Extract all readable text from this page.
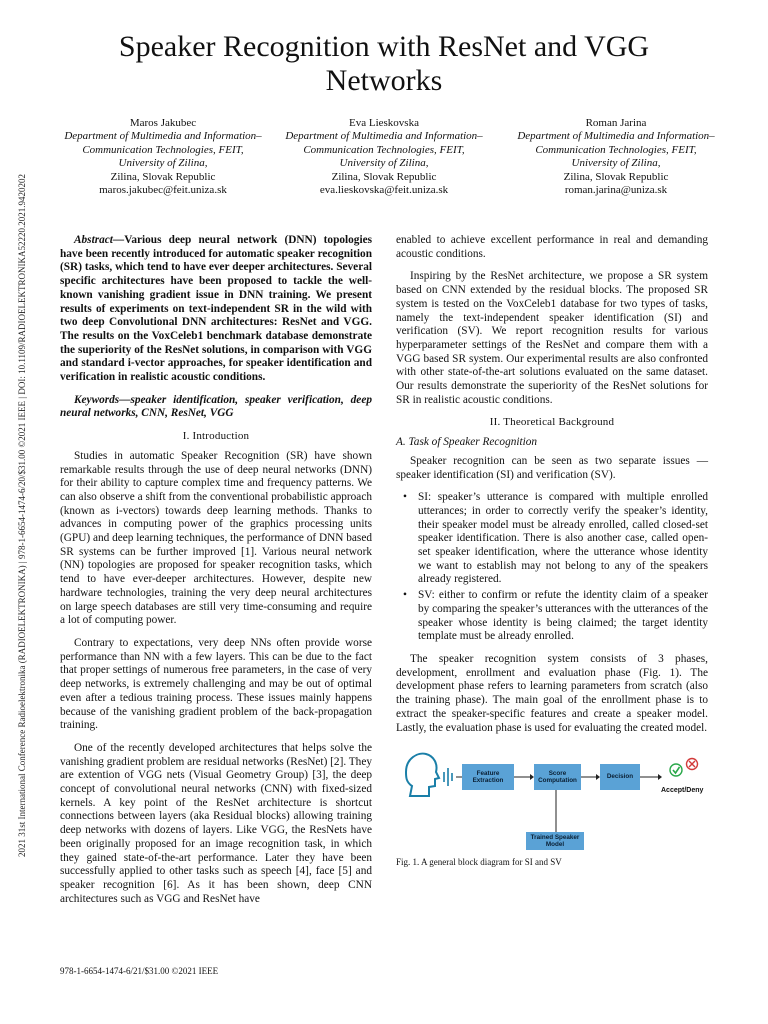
Speaker Recognition with ResNet and VGG Networks
Maros Jakubec
Department of Multimedia and Information–Communication Technologies, FEIT,
University of Zilina,
Zilina, Slovak Republic
maros.jakubec@feit.uniza.sk
Eva Lieskovska
Department of Multimedia and Information–Communication Technologies, FEIT,
University of Zilina,
Zilina, Slovak Republic
eva.lieskovska@feit.uniza.sk
Roman Jarina
Department of Multimedia and Information–Communication Technologies, FEIT,
University of Zilina,
Zilina, Slovak Republic
roman.jarina@uniza.sk
2021 31st International Conference Radioelektronika (RADIOELEKTRONIKA) | 978-1-6654-1474-6/20/$31.00 ©2021 IEEE | DOI: 10.1109/RADIOELEKTRONIKA52220.2021.9420202	Abstract—Various deep neural network (DNN) topologies have been recently introduced for automatic speaker recognition (SR) tasks, which tend to have ever deeper architectures. Several specific architectures have been proposed to tackle the well-known vanishing gradient issue in DNN training. We present results of experiments on text-independent SR in the wild with two deep Convolutional DNN architectures: ResNet and VGG. The results on the VoxCeleb1 benchmark database demonstrate the superiority of the ResNet solutions, in comparison with VGG and standard i-vector approaches, for speaker identification and verification in realistic acoustic conditions.

Keywords—speaker identification, speaker verification, deep neural networks, CNN, ResNet, VGG

I. Introduction

Studies in automatic Speaker Recognition (SR) have shown remarkable results through the use of deep neural networks (DNN) for their ability to capture complex time and frequency patterns. We can also observe a shift from the conventional probabilistic approach (known as i-vectors) towards deep learning methods. Thanks to advances in computing power of the graphics processing units (GPU) and deep learning techniques, the performance of DNN based SR systems can be further improved [1]. Various neural network (NN) topologies are proposed for speaker recognition tasks, which tend to have ever-deeper architectures. However, despite new hardware technologies, training the very deep neural architectures on large speech databases are still very time-consuming and require a lot of computing power.

Contrary to expectations, very deep NNs often provide worse performance than NN with a few layers. This can be due to the fact that proper settings of numerous free parameters, in the case of very deep networks, is extremely challenging and may be out of optimal even after a tedious training process. These issues mainly happens because of the vanishing gradient problem of the back-propagation training.

One of the recently developed architectures that helps solve the vanishing gradient problem are residual networks (ResNet) [2]. They are extention of VGG nets (Visual Geometry Group) [3], the deep concept of convolutional neural networks (CNN) with fixed-sized kernels. A key point of the ResNet architecture is shortcut connections between layers (aka Residual blocks) allowing training deep networks with dozens of layers. Like VGG, the ResNets have been originally proposed for an image recognition task, in which they gained state-of-the-art performance. Later they have been successfully applied to other tasks such as speech [4], face [5] and speaker recognition [6]. As it has been shown, deep CNN architectures such as VGG and ResNet have

enabled to achieve excellent performance in real and demanding acoustic conditions.

Inspiring by the ResNet architecture, we propose a SR system based on CNN extended by the residual blocks. The proposed SR system is tested on the VoxCeleb1 database for two types of tasks, namely the text-independent speaker identification (SI) and verification (SV). We report recognition results for various hyperparameter settings of the ResNet and compare them with a VGG based SR system. Our experimental results are also confronted with other state-of-the-art solutions evaluated on the same dataset. Our results demonstrate the superiority of the ResNet solutions for SR in realistic acoustic conditions.

II. Theoretical Background
A. Task of Speaker Recognition

Speaker recognition can be seen as two separate issues — speaker identification (SI) and verification (SV).

• SI: speaker’s utterance is compared with multiple enrolled utterances; in order to correctly verify the speaker’s identity, their speaker model must be already enrolled, called closed-set speaker identification. There is also another case, called open-set speaker identification, where the utterance whose identity we want to establish may not belong to any of the speakers already registered.
• SV: either to confirm or refute the identity claim of a speaker by comparing the speaker’s utterances with the utterances of the speaker whose identity is being claimed; the target identity template must be already enrolled.

The speaker recognition system consists of 3 phases, development, enrollment and evaluation phase (Fig. 1). The development phase refers to learning parameters from scratch (also the training phase). The main goal of the enrollment phase is to extract the speaker-specific features and create a speaker model. Lastly, the evaluation phase is used for evaluating the created model.

Feature Extraction
Score Computation
Decision
Trained Speaker Model
Accept/Deny
Fig. 1. A general block diagram for SI and SV
978-1-6654-1474-6/21/$31.00 ©2021 IEEE
